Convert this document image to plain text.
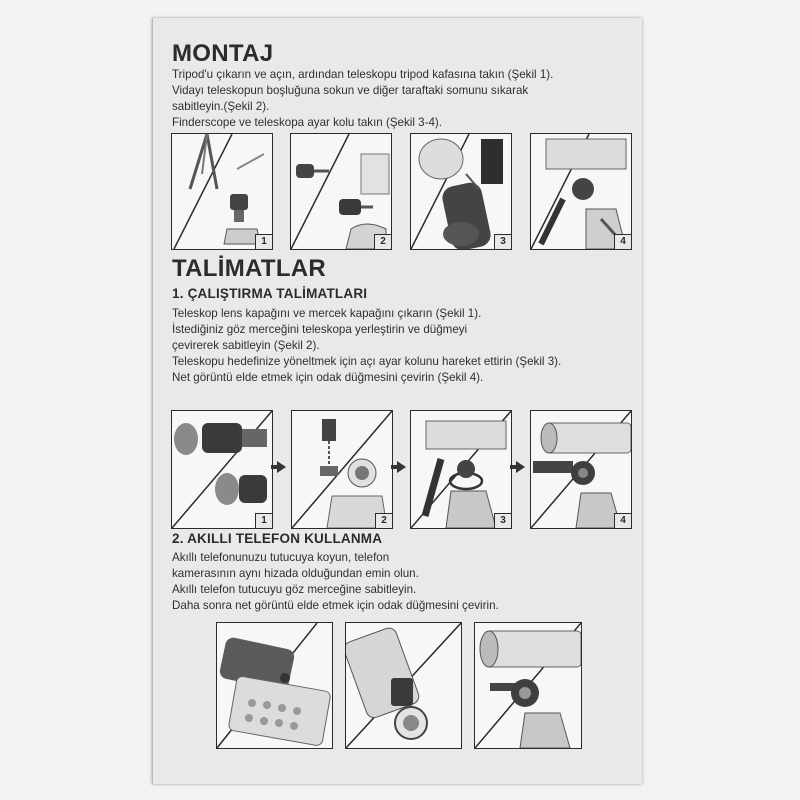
MONTAJ
Tripod'u çıkarın ve açın, ardından teleskopu tripod kafasına takın (Şekil 1).
Vidayı teleskopun boşluğuna sokun ve diğer taraftaki somunu sıkarak
sabitleyin.(Şekil 2).
Finderscope ve teleskopa ayar kolu takın (Şekil 3-4).
1	2	3	4
TALİMATLAR
1. ÇALIŞTIRMA TALİMATLARI
Teleskop lens kapağını ve mercek kapağını çıkarın (Şekil 1).
İstediğiniz göz merceğini teleskopa yerleştirin ve düğmeyi
çevirerek sabitleyin (Şekil 2).
Teleskopu hedefinize yöneltmek için açı ayar kolunu hareket ettirin (Şekil 3).
Net görüntü elde etmek için odak düğmesini çevirin (Şekil 4).
1	2	3	4
2. AKILLI TELEFON KULLANMA
Akıllı telefonunuzu tutucuya koyun, telefon
kamerasının aynı hizada olduğundan emin olun.
Akıllı telefon tutucuyu göz merceğine sabitleyin.
Daha sonra net görüntü elde etmek için odak düğmesini çevirin.
